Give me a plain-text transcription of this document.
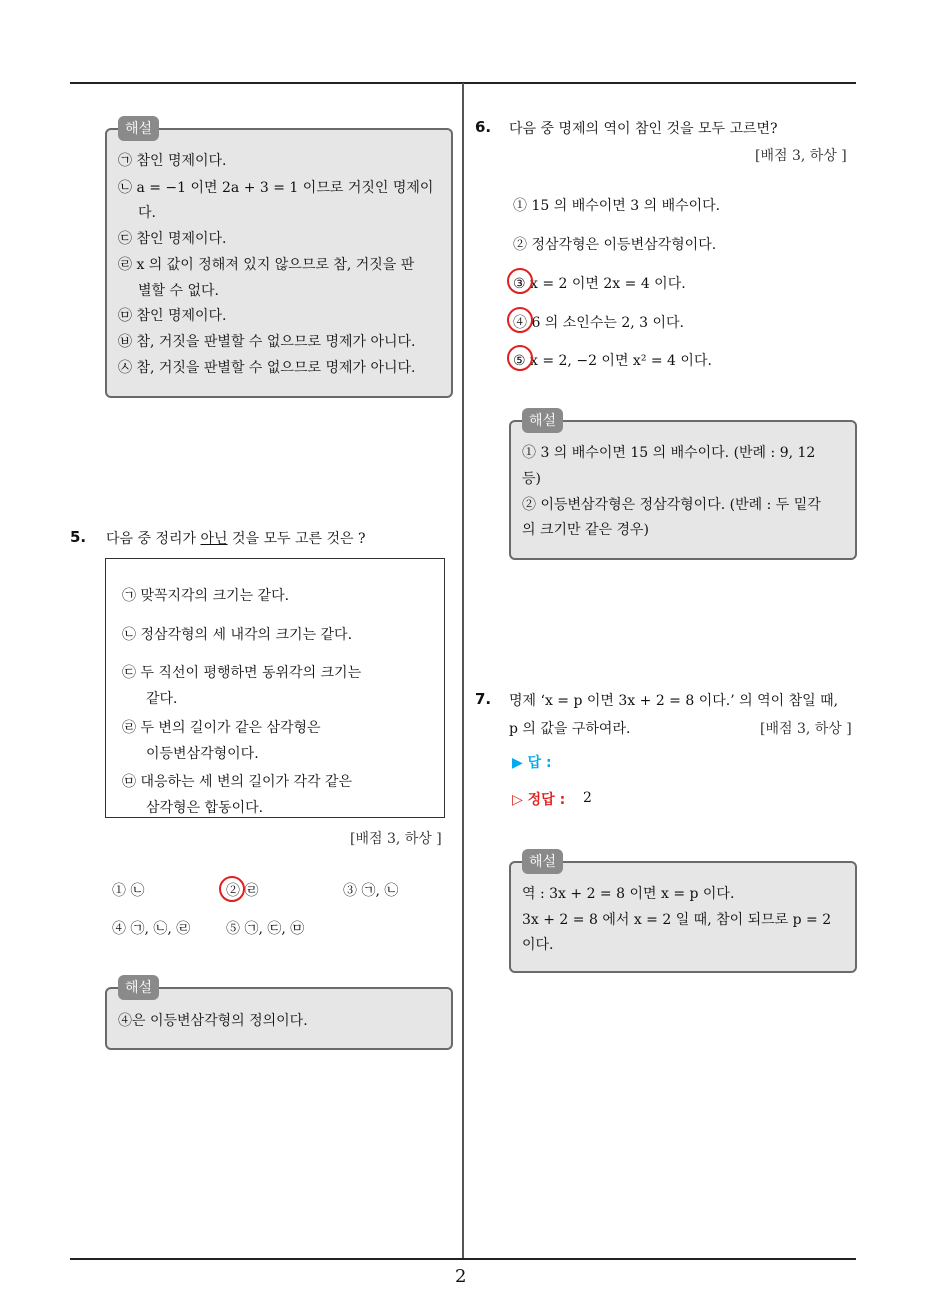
2
해설
㉠ 참인 명제이다.
㉡ a = −1 이면 2a + 3 = 1 이므로 거짓인 명제이
다.
㉢ 참인 명제이다.
㉣ x 의 값이 정해져 있지 않으므로 참, 거짓을 판
별할 수 없다.
㉤ 참인 명제이다.
㉥ 참, 거짓을 판별할 수 없으므로 명제가 아니다.
㉦ 참, 거짓을 판별할 수 없으므로 명제가 아니다.
5. 다음 중 정리가 아닌 것을 모두 고른 것은 ?
㉠ 맞꼭지각의 크기는 같다.
㉡ 정삼각형의 세 내각의 크기는 같다.
㉢ 두 직선이 평행하면 동위각의 크기는
같다.
㉣ 두 변의 길이가 같은 삼각형은
이등변삼각형이다.
㉤ 대응하는 세 변의 길이가 각각 같은
삼각형은 합동이다.
[배점 3, 하상 ]
① ㉡	② ㉣	③ ㉠, ㉡
④ ㉠, ㉡, ㉣	⑤ ㉠, ㉢, ㉤
해설
④은 이등변삼각형의 정의이다.
6. 다음 중 명제의 역이 참인 것을 모두 고르면?
[배점 3, 하상 ]
① 15 의 배수이면 3 의 배수이다.
② 정삼각형은 이등변삼각형이다.
③ x = 2 이면 2x = 4 이다.
④ 6 의 소인수는 2, 3 이다.
⑤ x = 2, −2 이면 x² = 4 이다.
해설
① 3 의 배수이면 15 의 배수이다. (반례 : 9, 12
등)
② 이등변삼각형은 정삼각형이다. (반례 : 두 밑각
의 크기만 같은 경우)
7. 명제 ‘x = p 이면 3x + 2 = 8 이다.’ 의 역이 참일 때,
p 의 값을 구하여라.	[배점 3, 하상 ]
▶ 답 :
▷ 정답 : 2
해설
역 : 3x + 2 = 8 이면 x = p 이다.
3x + 2 = 8 에서 x = 2 일 때, 참이 되므로 p = 2
이다.
